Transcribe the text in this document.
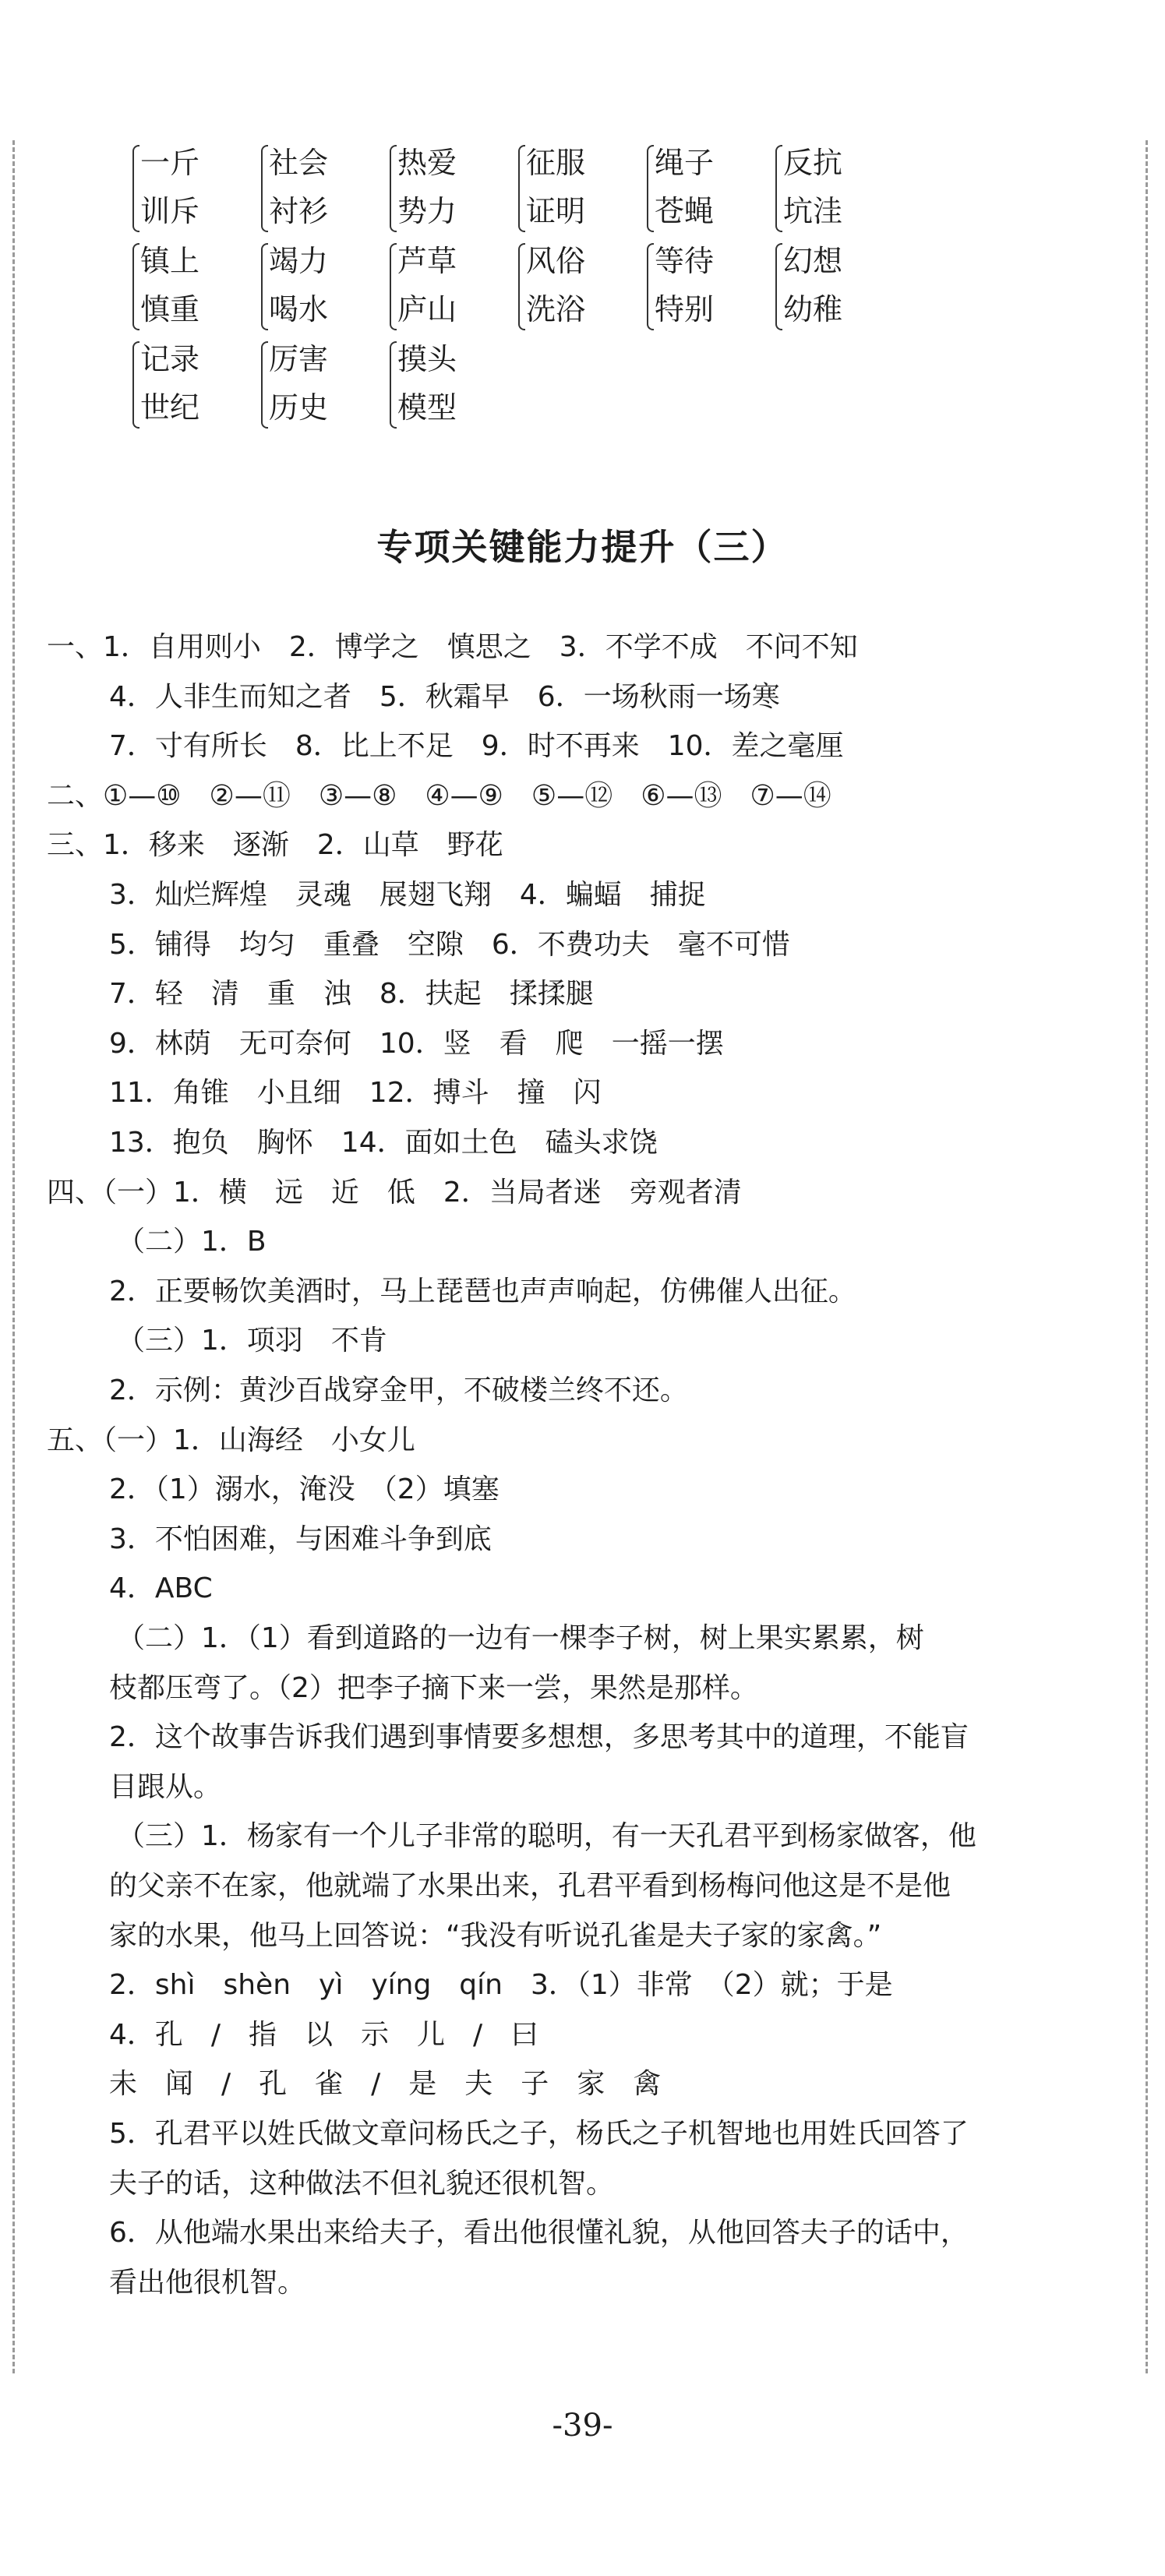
一斤
训斥
社会
衬衫
热爱
势力
征服
证明
绳子
苍蝇
反抗
坑洼
镇上
慎重
竭力
喝水
芦草
庐山
风俗
洗浴
等待
特别
幻想
幼稚
记录
世纪
厉害
历史
摸头
模型
专项关键能力提升（三）
一、1．自用则小　2．博学之　慎思之　3．不学不成　不问不知
4．人非生而知之者　5．秋霜早　6．一场秋雨一场寒
7．寸有所长　8．比上不足　9．时不再来　10．差之毫厘
二、①—⑩　②—⑪　③—⑧　④—⑨　⑤—⑫　⑥—⑬　⑦—⑭
三、1．移来　逐渐　2．山草　野花
3．灿烂辉煌　灵魂　展翅飞翔　4．蝙蝠　捕捉
5．铺得　均匀　重叠　空隙　6．不费功夫　毫不可惜
7．轻　清　重　浊　8．扶起　揉揉腿
9．林荫　无可奈何　10．竖　看　爬　一摇一摆
11．角锥　小且细　12．搏斗　撞　闪
13．抱负　胸怀　14．面如土色　磕头求饶
四、（一）1．横　远　近　低　2．当局者迷　旁观者清
（二）1．B
2．正要畅饮美酒时，马上琵琶也声声响起，仿佛催人出征。
（三）1．项羽　不肯
2．示例：黄沙百战穿金甲，不破楼兰终不还。
五、（一）1．山海经　小女儿
2．（1）溺水，淹没　（2）填塞
3．不怕困难，与困难斗争到底
4．ABC
（二）1．（1）看到道路的一边有一棵李子树，树上果实累累，树
枝都压弯了。（2）把李子摘下来一尝，果然是那样。
2．这个故事告诉我们遇到事情要多想想，多思考其中的道理，不能盲
目跟从。
（三）1．杨家有一个儿子非常的聪明，有一天孔君平到杨家做客，他
的父亲不在家，他就端了水果出来，孔君平看到杨梅问他这是不是他
家的水果，他马上回答说：“我没有听说孔雀是夫子家的家禽。”
2．shì　shèn　yì　yíng　qín　3．（1）非常　（2）就；于是
4．孔　/　指　以　示　儿　/　曰
未　闻　/　孔　雀　/　是　夫　子　家　禽
5．孔君平以姓氏做文章问杨氏之子，杨氏之子机智地也用姓氏回答了
夫子的话，这种做法不但礼貌还很机智。
6．从他端水果出来给夫子，看出他很懂礼貌，从他回答夫子的话中，
看出他很机智。
-39-
